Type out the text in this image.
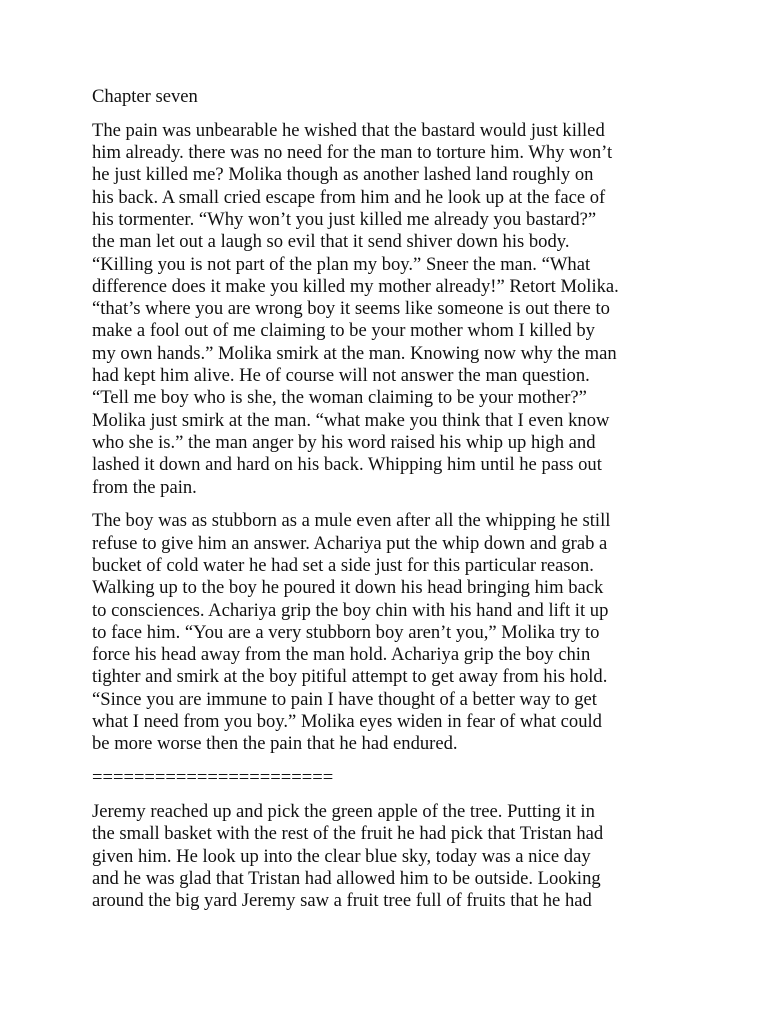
Chapter seven
The pain was unbearable he wished that the bastard would just killed
him already. there was no need for the man to torture him. Why won’t
he just killed me? Molika though as another lashed land roughly on
his back. A small cried escape from him and he look up at the face of
his tormenter. “Why won’t you just killed me already you bastard?”
the man let out a laugh so evil that it send shiver down his body.
“Killing you is not part of the plan my boy.” Sneer the man. “What
difference does it make you killed my mother already!” Retort Molika.
“that’s where you are wrong boy it seems like someone is out there to
make a fool out of me claiming to be your mother whom I killed by
my own hands.” Molika smirk at the man. Knowing now why the man
had kept him alive. He of course will not answer the man question.
“Tell me boy who is she, the woman claiming to be your mother?”
Molika just smirk at the man. “what make you think that I even know
who she is.” the man anger by his word raised his whip up high and
lashed it down and hard on his back. Whipping him until he pass out
from the pain.
The boy was as stubborn as a mule even after all the whipping he still
refuse to give him an answer. Achariya put the whip down and grab a
bucket of cold water he had set a side just for this particular reason.
Walking up to the boy he poured it down his head bringing him back
to consciences. Achariya grip the boy chin with his hand and lift it up
to face him. “You are a very stubborn boy aren’t you,” Molika try to
force his head away from the man hold. Achariya grip the boy chin
tighter and smirk at the boy pitiful attempt to get away from his hold.
“Since you are immune to pain I have thought of a better way to get
what I need from you boy.” Molika eyes widen in fear of what could
be more worse then the pain that he had endured.
=======================
Jeremy reached up and pick the green apple of the tree. Putting it in
the small basket with the rest of the fruit he had pick that Tristan had
given him. He look up into the clear blue sky, today was a nice day
and he was glad that Tristan had allowed him to be outside. Looking
around the big yard Jeremy saw a fruit tree full of fruits that he had
